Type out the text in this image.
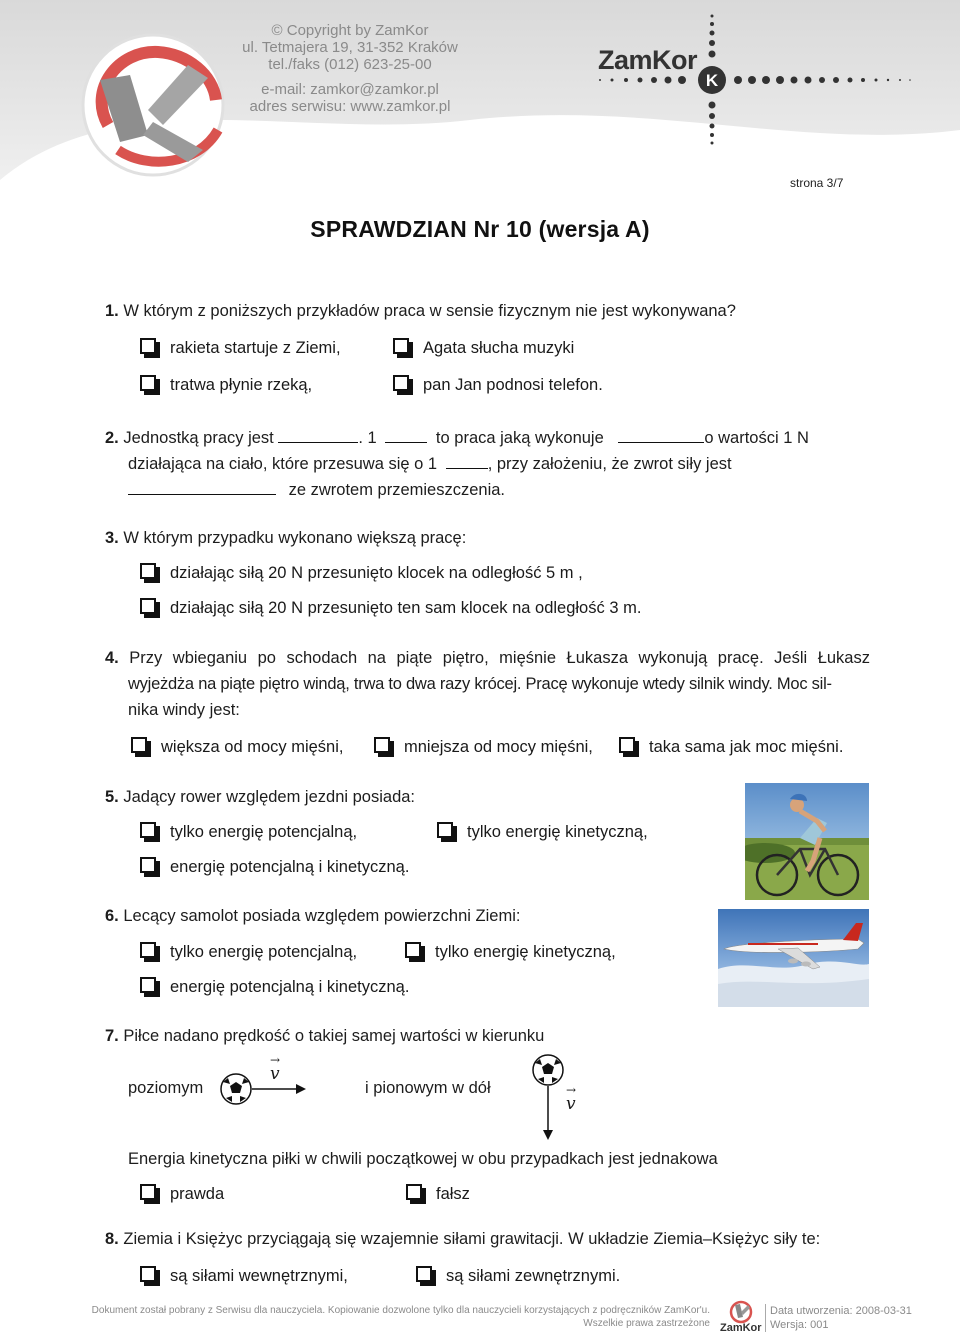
© Copyright by ZamKor
ul. Tetmajera 19, 31-352 Kraków
tel./faks (012) 623-25-00
e-mail: zamkor@zamkor.pl
adres serwisu: www.zamkor.pl
ZamKor
K
strona 3/7
SPRAWDZIAN Nr 10 (wersja A)
1. W którym z poniższych przykładów praca w sensie fizycznym nie jest wykonywana?
rakieta startuje z Ziemi,	Agata słucha muzyki
tratwa płynie rzeką,	pan Jan podnosi telefon.
2. Jednostką pracy jest	. 1	to praca jaką wykonuje	o wartości 1 N
działająca na ciało, które przesuwa się o 1	, przy założeniu, że zwrot siły jest
ze zwrotem przemieszczenia.
3. W którym przypadku wykonano większą pracę:
działając siłą 20 N przesunięto klocek na odległość 5 m ,
działając siłą 20 N przesunięto ten sam klocek na odległość 3 m.
4. Przy wbieganiu po schodach na piąte piętro, mięśnie Łukasza wykonują pracę. Jeśli Łukasz
wyjeżdża na piąte piętro windą, trwa to dwa razy krócej. Pracę wykonuje wtedy silnik windy. Moc sil-
nika windy jest:
większa od mocy mięśni,	mniejsza od mocy mięśni,	taka sama jak moc mięśni.
5. Jadący rower względem jezdni posiada:
tylko energię potencjalną,	tylko energię kinetyczną,
energię potencjalną i kinetyczną.
6. Lecący samolot posiada względem powierzchni Ziemi:
tylko energię potencjalną,	tylko energię kinetyczną,
energię potencjalną i kinetyczną.
7. Piłce nadano prędkość o takiej samej wartości w kierunku
poziomym
→
v
i pionowym w dół	→
v
Energia kinetyczna piłki w chwili początkowej w obu przypadkach jest jednakowa
prawda	fałsz
8. Ziemia i Księżyc przyciągają się wzajemnie siłami grawitacji. W układzie Ziemia–Księżyc siły te:
są siłami wewnętrznymi,	są siłami zewnętrznymi.
Dokument został pobrany z Serwisu dla nauczyciela. Kopiowanie dozwolone tylko dla nauczycieli korzystających z podręczników ZamKor'u.
Wszelkie prawa zastrzeżone ZamKor
Data utworzenia: 2008-03-31
Wersja: 001
